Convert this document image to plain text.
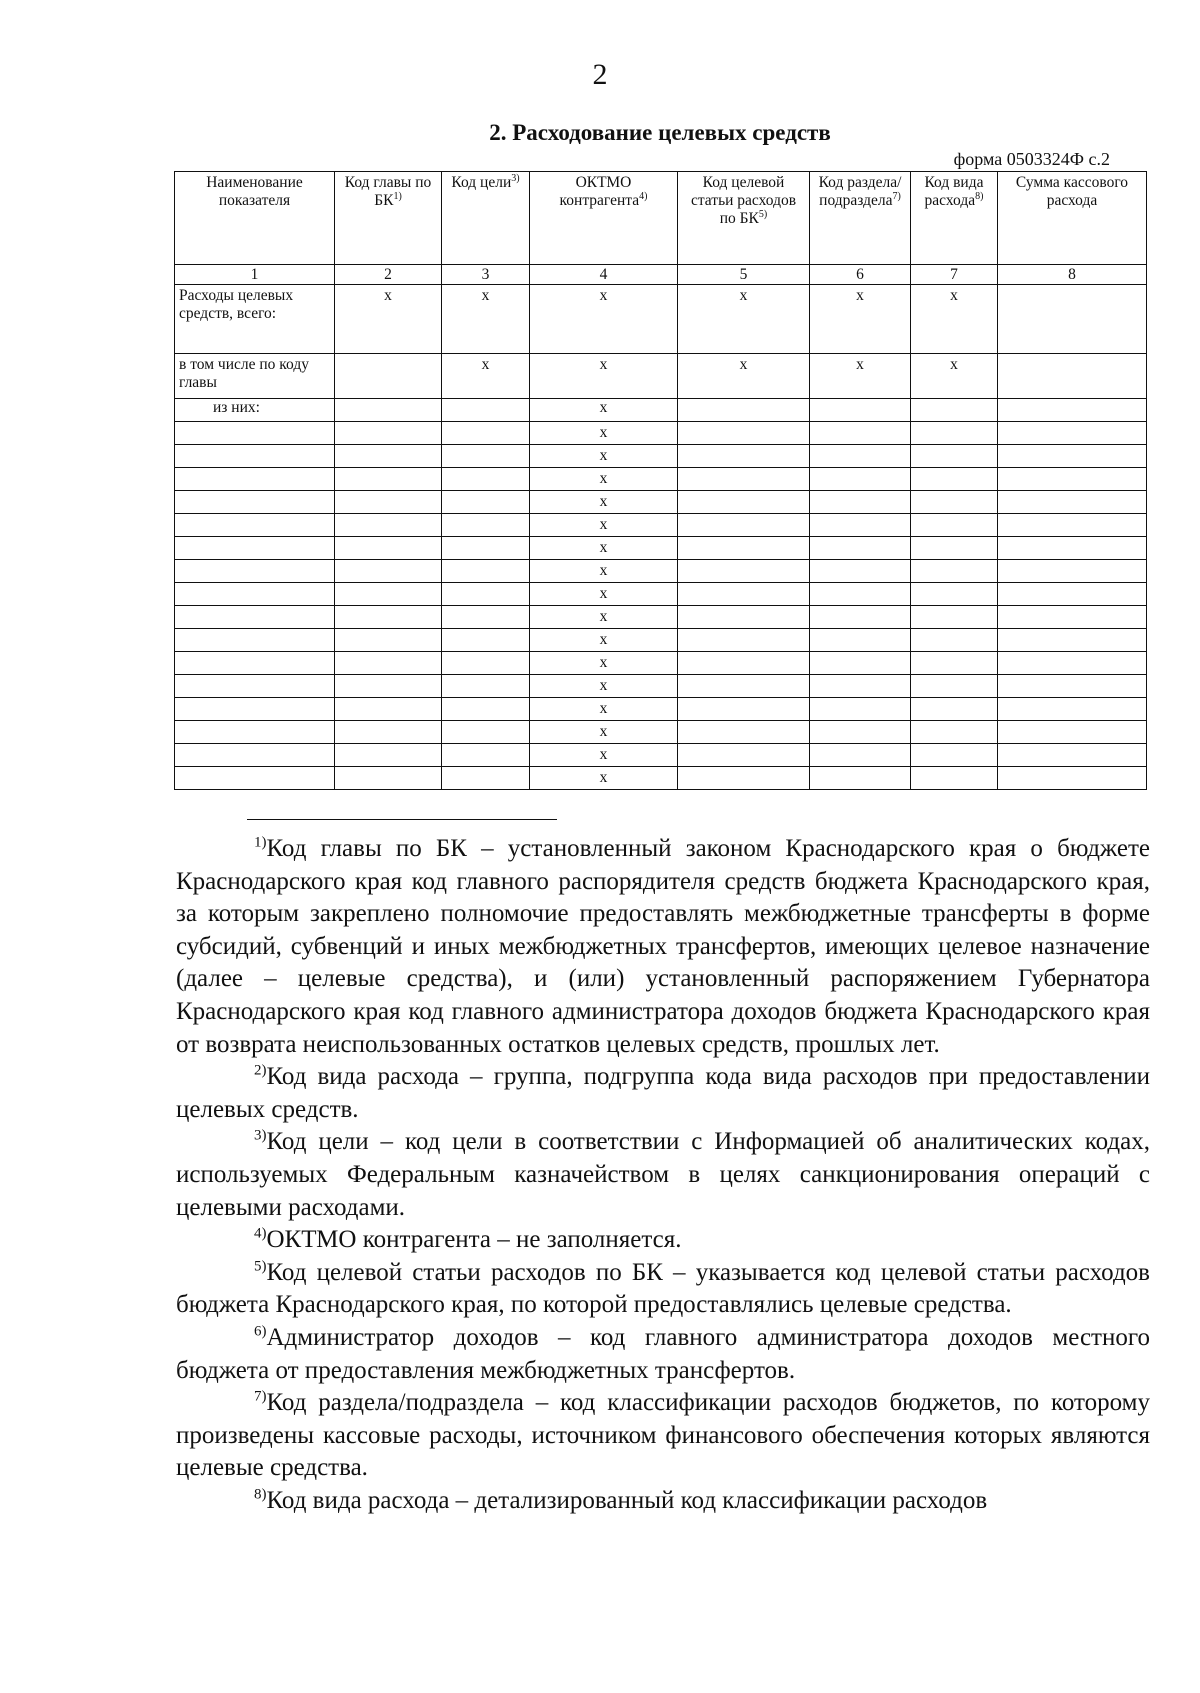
2
2. Расходование целевых средств
форма 0503324Ф с.2
Наименование показателя	Код главы по БК$^{1)}$	Код цели$^{3)}$	ОКТМО контрагента$^{4)}$	Код целевой статьи расходов по БК$^{5)}$	Код раздела/ подраздела$^{7)}$	Код вида расхода$^{8)}$	Сумма кассового расхода
1	2	3	4	5	6	7	8
Расходы целевых средств, всего:	x	x	x	x	x	x	
в том числе по коду главы		x	x	x	x	x	
из них:			x				
			x				
			x				
			x				
			x				
			x				
			x				
			x				
			x				
			x				
			x				
			x				
			x				
			x				
			x				
			x				
			x				

$^{1)}$Код главы по БК – установленный законом Краснодарского края о бюджете Краснодарского края код главного распорядителя средств бюджета Краснодарского края, за которым закреплено полномочие предоставлять межбюджетные трансферты в форме субсидий, субвенций и иных межбюджетных трансфертов, имеющих целевое назначение (далее – целевые средства), и (или) установленный распоряжением Губернатора Краснодарского края код главного администратора доходов бюджета Краснодарского края от возврата неиспользованных остатков целевых средств, прошлых лет.

$^{2)}$Код вида расхода – группа, подгруппа кода вида расходов при предоставлении целевых средств.

$^{3)}$Код цели – код цели в соответствии с Информацией об аналитических кодах, используемых Федеральным казначейством в целях санкционирования операций с целевыми расходами.

$^{4)}$ОКТМО контрагента – не заполняется.

$^{5)}$Код целевой статьи расходов по БК – указывается код целевой статьи расходов бюджета Краснодарского края, по которой предоставлялись целевые средства.

$^{6)}$Администратор доходов – код главного администратора доходов местного бюджета от предоставления межбюджетных трансфертов.

$^{7)}$Код раздела/подраздела – код классификации расходов бюджетов, по которому произведены кассовые расходы, источником финансового обеспечения которых являются целевые средства.

$^{8)}$Код вида расхода – детализированный код классификации расходов
